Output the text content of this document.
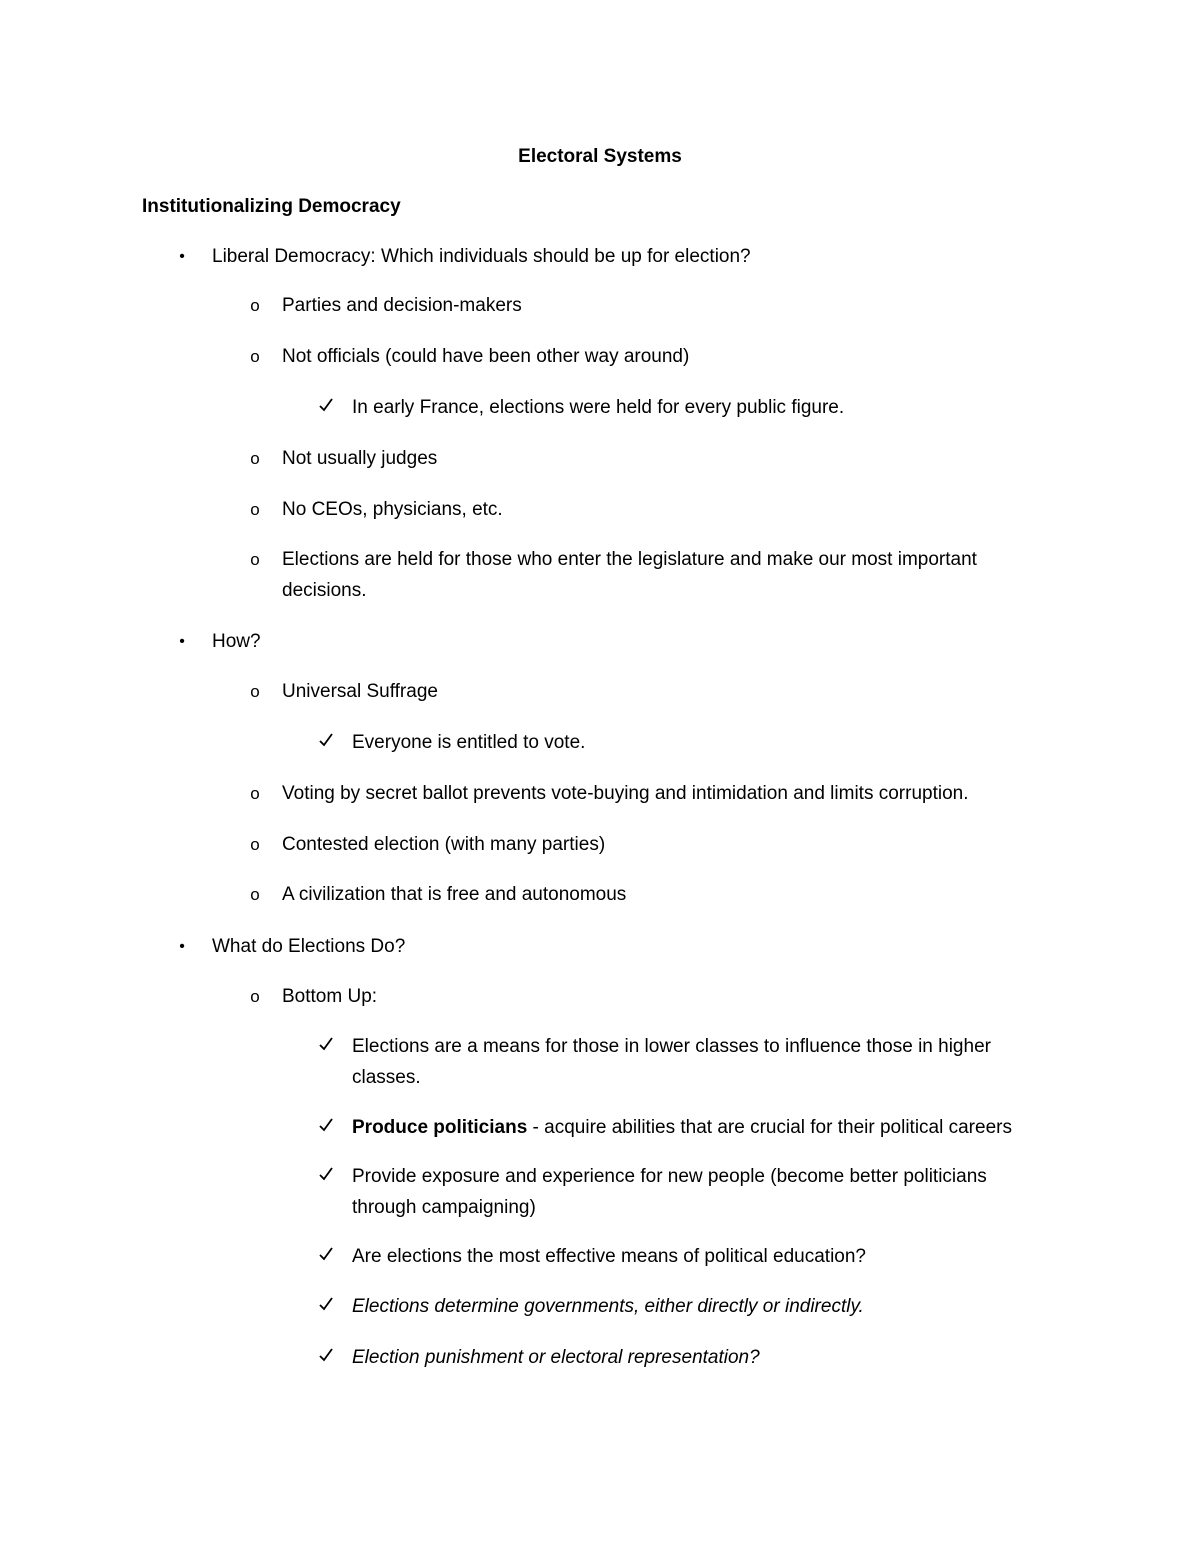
Electoral Systems
Institutionalizing Democracy
•	Liberal Democracy: Which individuals should be up for election?
o Parties and decision-makers
o Not officials (could have been other way around)
In early France, elections were held for every public figure.
o Not usually judges
o No CEOs, physicians, etc.
o Elections are held for those who enter the legislature and make our most important decisions.
•	How?
o Universal Suffrage
Everyone is entitled to vote.
o Voting by secret ballot prevents vote-buying and intimidation and limits corruption.
o Contested election (with many parties)
o A civilization that is free and autonomous
•	What do Elections Do?
o Bottom Up:
Elections are a means for those in lower classes to influence those in higher classes.
Produce politicians - acquire abilities that are crucial for their political careers
Provide exposure and experience for new people (become better politicians through campaigning)
Are elections the most effective means of political education?
Elections determine governments, either directly or indirectly.
Election punishment or electoral representation?
